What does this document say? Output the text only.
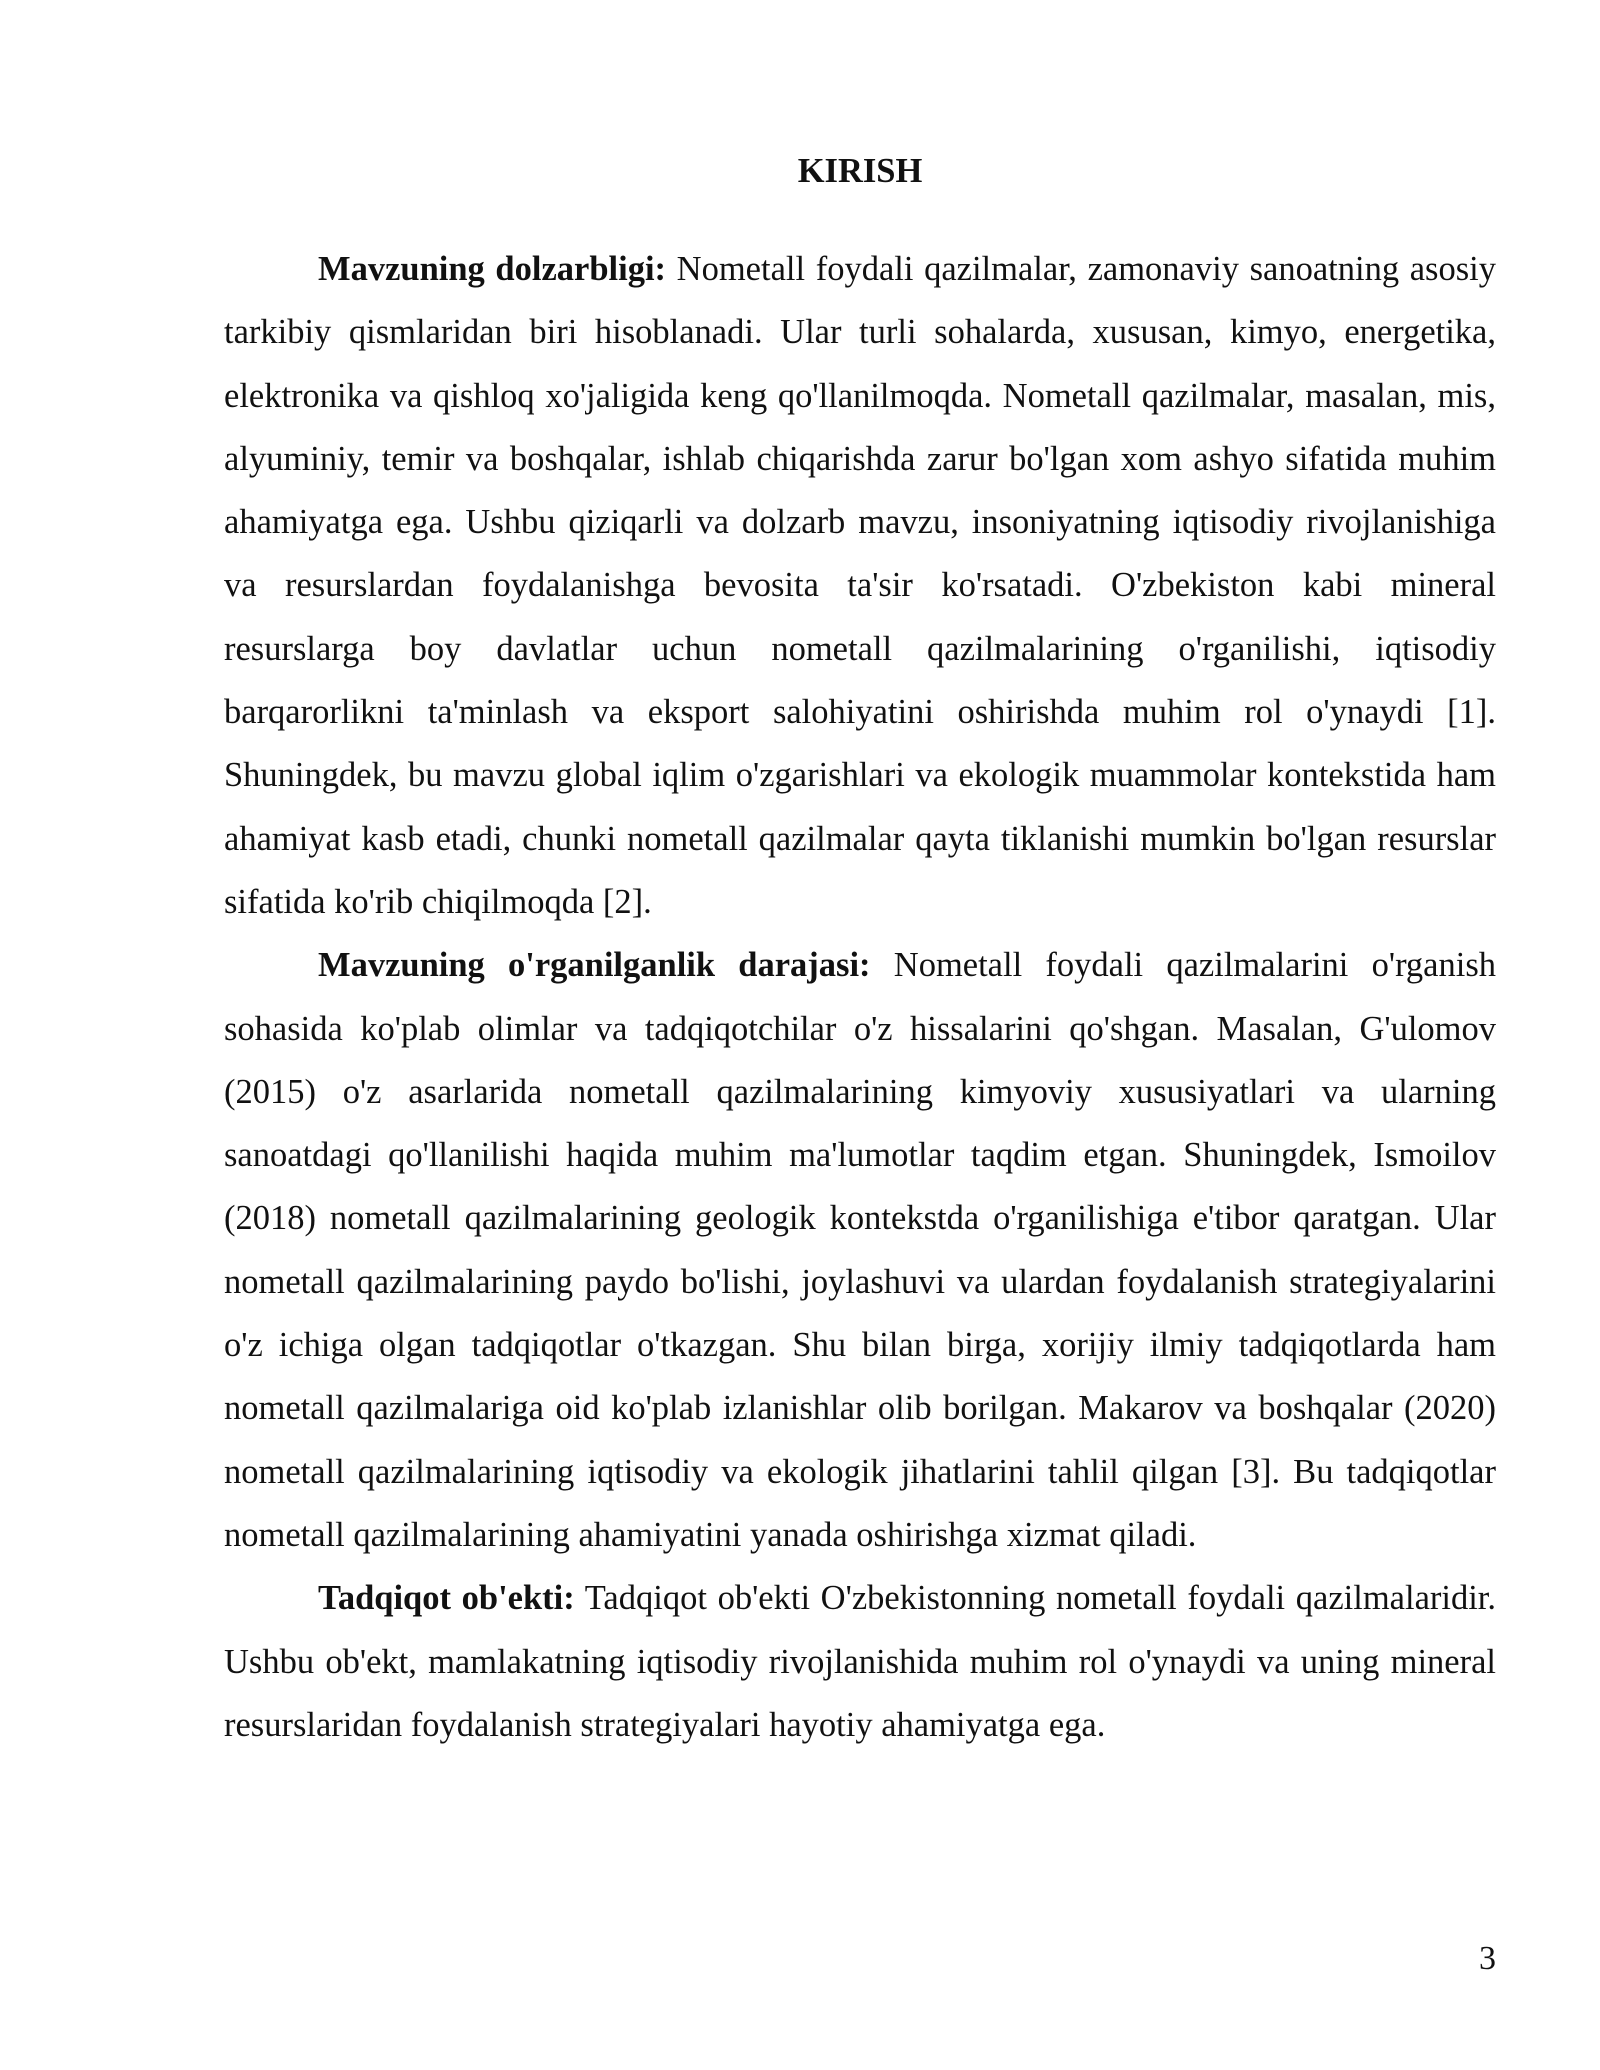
KIRISH

Mavzuning dolzarbligi: Nometall foydali qazilmalar, zamonaviy sanoatning asosiy tarkibiy qismlaridan biri hisoblanadi. Ular turli sohalarda, xususan, kimyo, energetika, elektronika va qishloq xo'jaligida keng qo'llanilmoqda. Nometall qazilmalar, masalan, mis, alyuminiy, temir va boshqalar, ishlab chiqarishda zarur bo'lgan xom ashyo sifatida muhim ahamiyatga ega. Ushbu qiziqarli va dolzarb mavzu, insoniyatning iqtisodiy rivojlanishiga va resurslardan foydalanishga bevosita ta'sir ko'rsatadi. O'zbekiston kabi mineral resurslarga boy davlatlar uchun nometall qazilmalarining o'rganilishi, iqtisodiy barqarorlikni ta'minlash va eksport salohiyatini oshirishda muhim rol o'ynaydi [1]. Shuningdek, bu mavzu global iqlim o'zgarishlari va ekologik muammolar kontekstida ham ahamiyat kasb etadi, chunki nometall qazilmalar qayta tiklanishi mumkin bo'lgan resurslar sifatida ko'rib chiqilmoqda [2].

Mavzuning o'rganilganlik darajasi: Nometall foydali qazilmalarini o'rganish sohasida ko'plab olimlar va tadqiqotchilar o'z hissalarini qo'shgan. Masalan, G'ulomov (2015) o'z asarlarida nometall qazilmalarining kimyoviy xususiyatlari va ularning sanoatdagi qo'llanilishi haqida muhim ma'lumotlar taqdim etgan. Shuningdek, Ismoilov (2018) nometall qazilmalarining geologik kontekstda o'rganilishiga e'tibor qaratgan. Ular nometall qazilmalarining paydo bo'lishi, joylashuvi va ulardan foydalanish strategiyalarini o'z ichiga olgan tadqiqotlar o'tkazgan. Shu bilan birga, xorijiy ilmiy tadqiqotlarda ham nometall qazilmalariga oid ko'plab izlanishlar olib borilgan. Makarov va boshqalar (2020) nometall qazilmalarining iqtisodiy va ekologik jihatlarini tahlil qilgan [3]. Bu tadqiqotlar nometall qazilmalarining ahamiyatini yanada oshirishga xizmat qiladi.

Tadqiqot ob'ekti: Tadqiqot ob'ekti O'zbekistonning nometall foydali qazilmalaridir. Ushbu ob'ekt, mamlakatning iqtisodiy rivojlanishida muhim rol o'ynaydi va uning mineral resurslaridan foydalanish strategiyalari hayotiy ahamiyatga ega.

3
